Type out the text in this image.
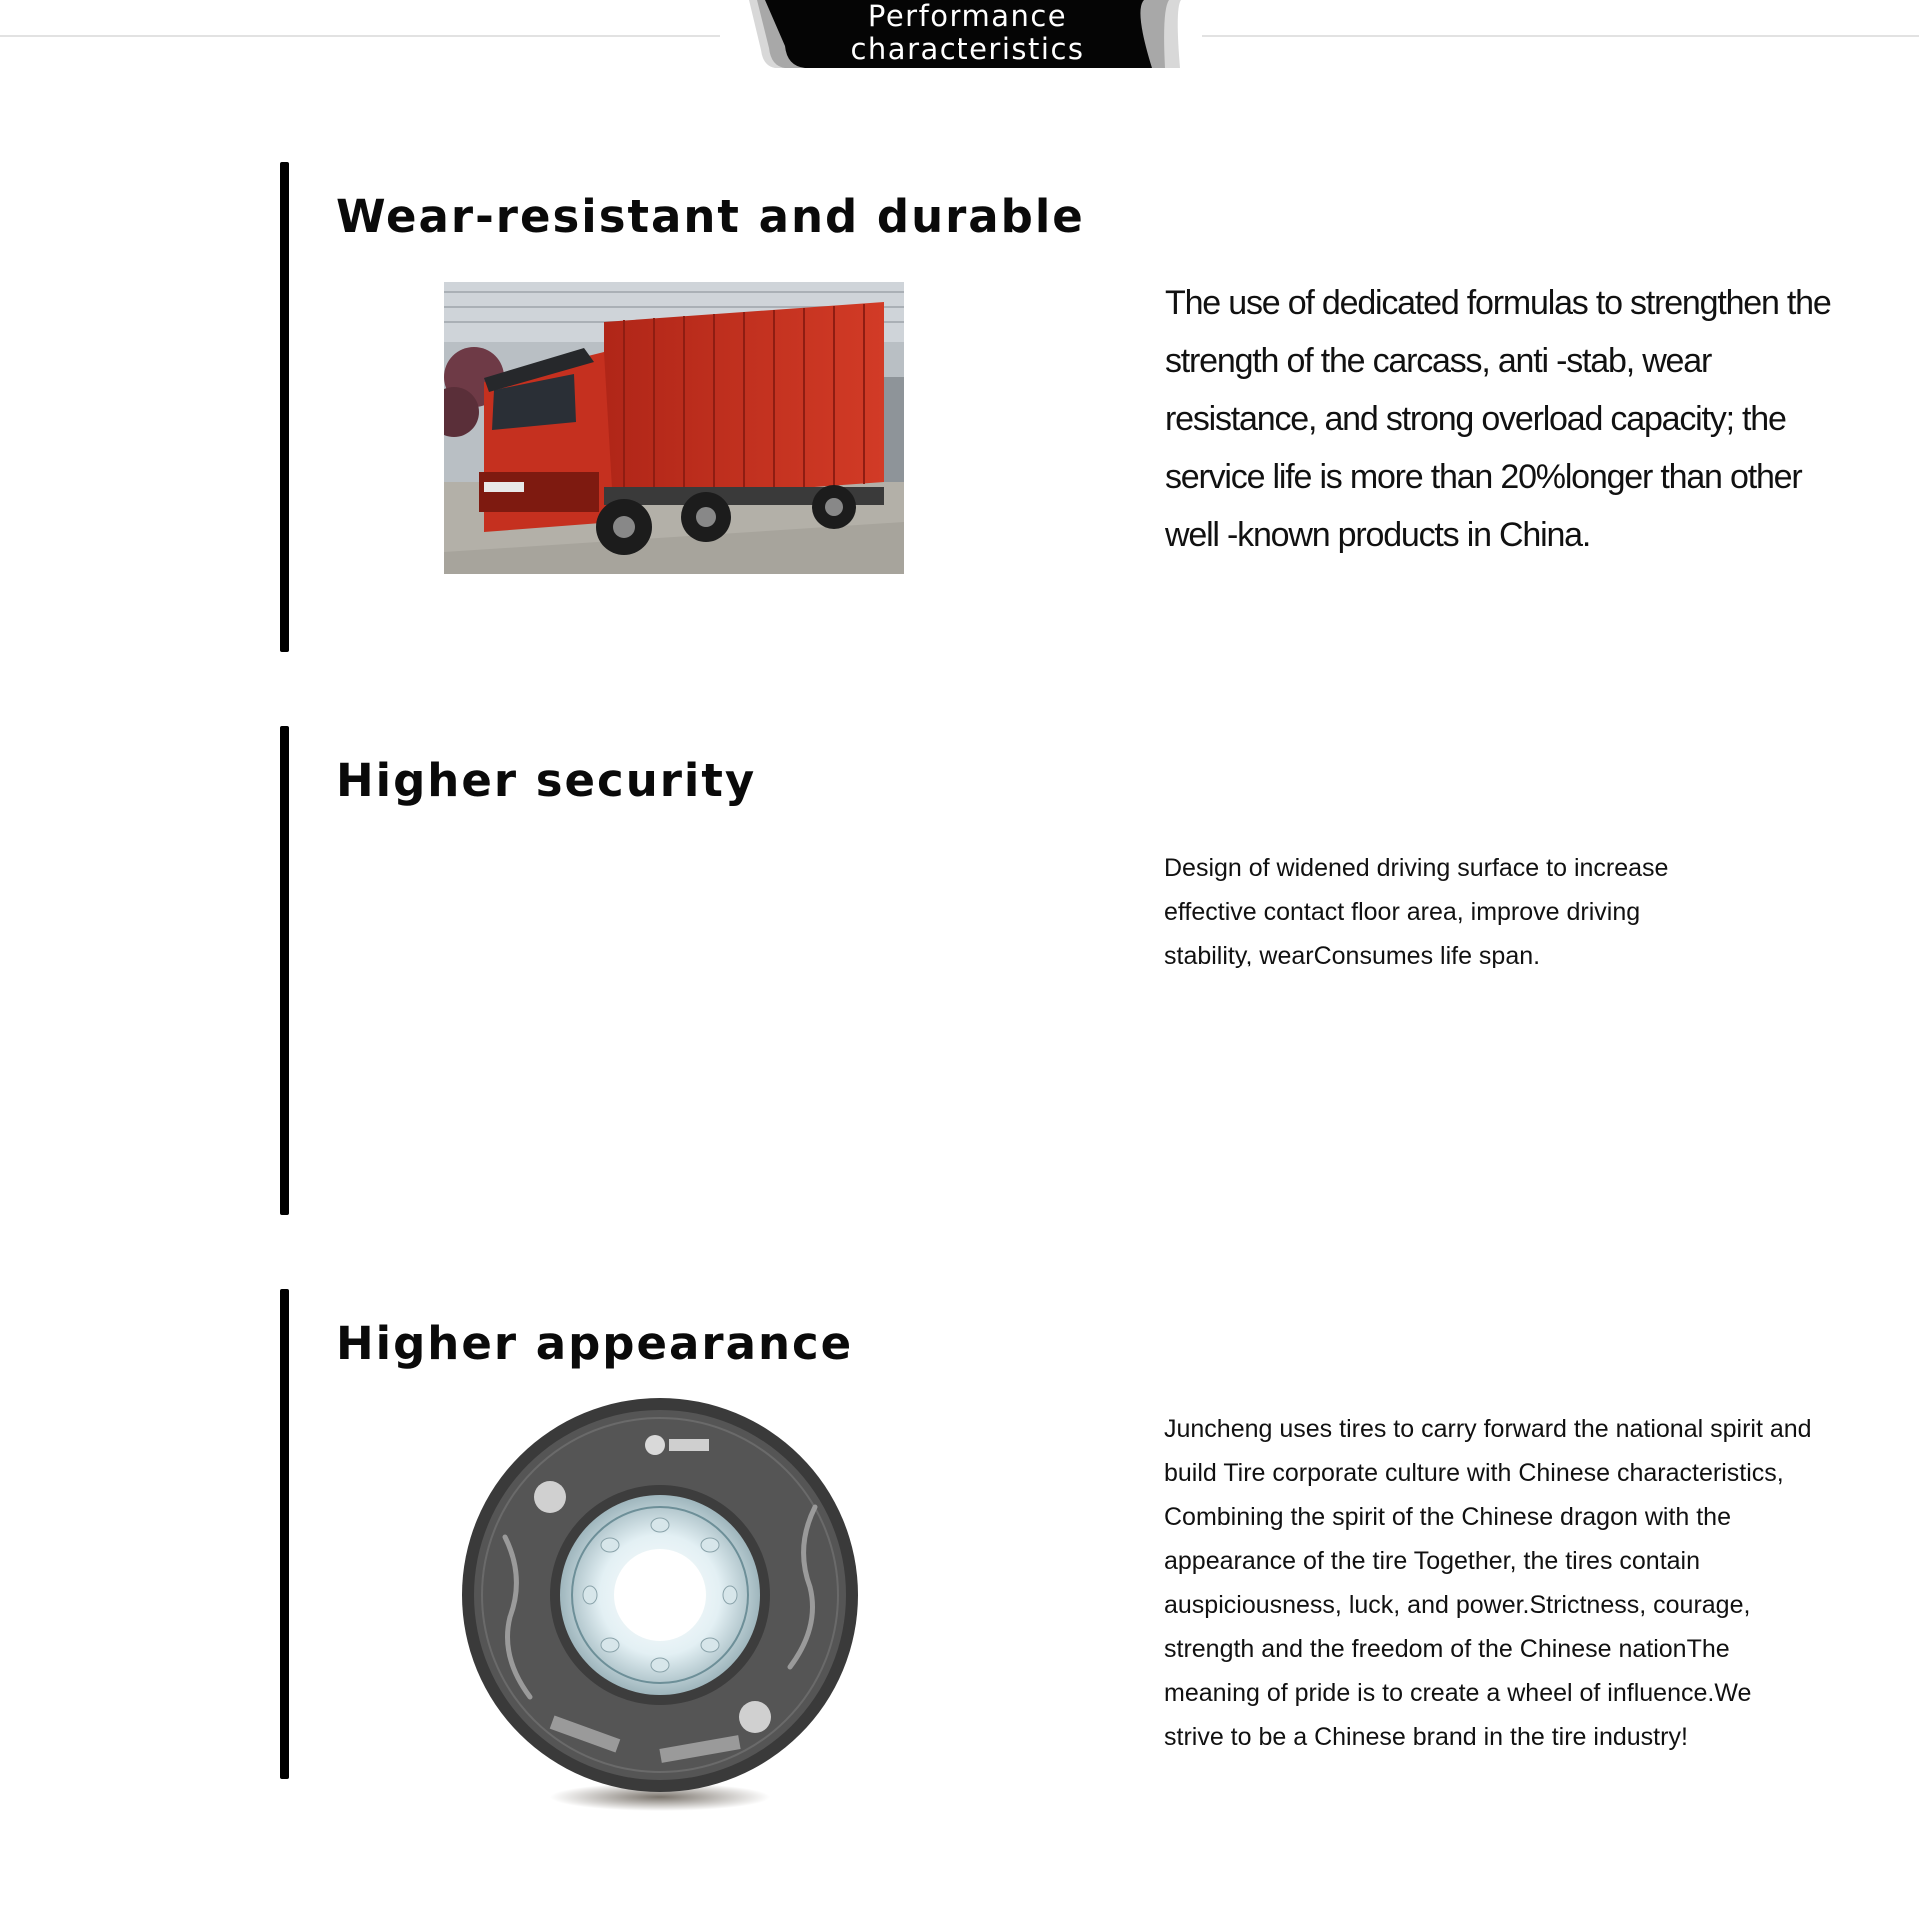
Performance
characteristics
Wear-resistant and durable

The use of dedicated formulas to strengthen the strength of the carcass, anti -stab, wear resistance, and strong overload capacity; the service life is more than 20%longer than other well -known products in China.

Higher security
Design of widened driving surface to increase
effective contact floor area, improve driving
stability, wearConsumes life span.
Higher appearance
Juncheng uses tires to carry forward the national spirit and
build Tire corporate culture with Chinese characteristics,
Combining the spirit of the Chinese dragon with the
appearance of the tire Together, the tires contain
auspiciousness, luck, and power.Strictness, courage,
strength and the freedom of the Chinese nationThe
meaning of pride is to create a wheel of influence.We
strive to be a Chinese brand in the tire industry!
